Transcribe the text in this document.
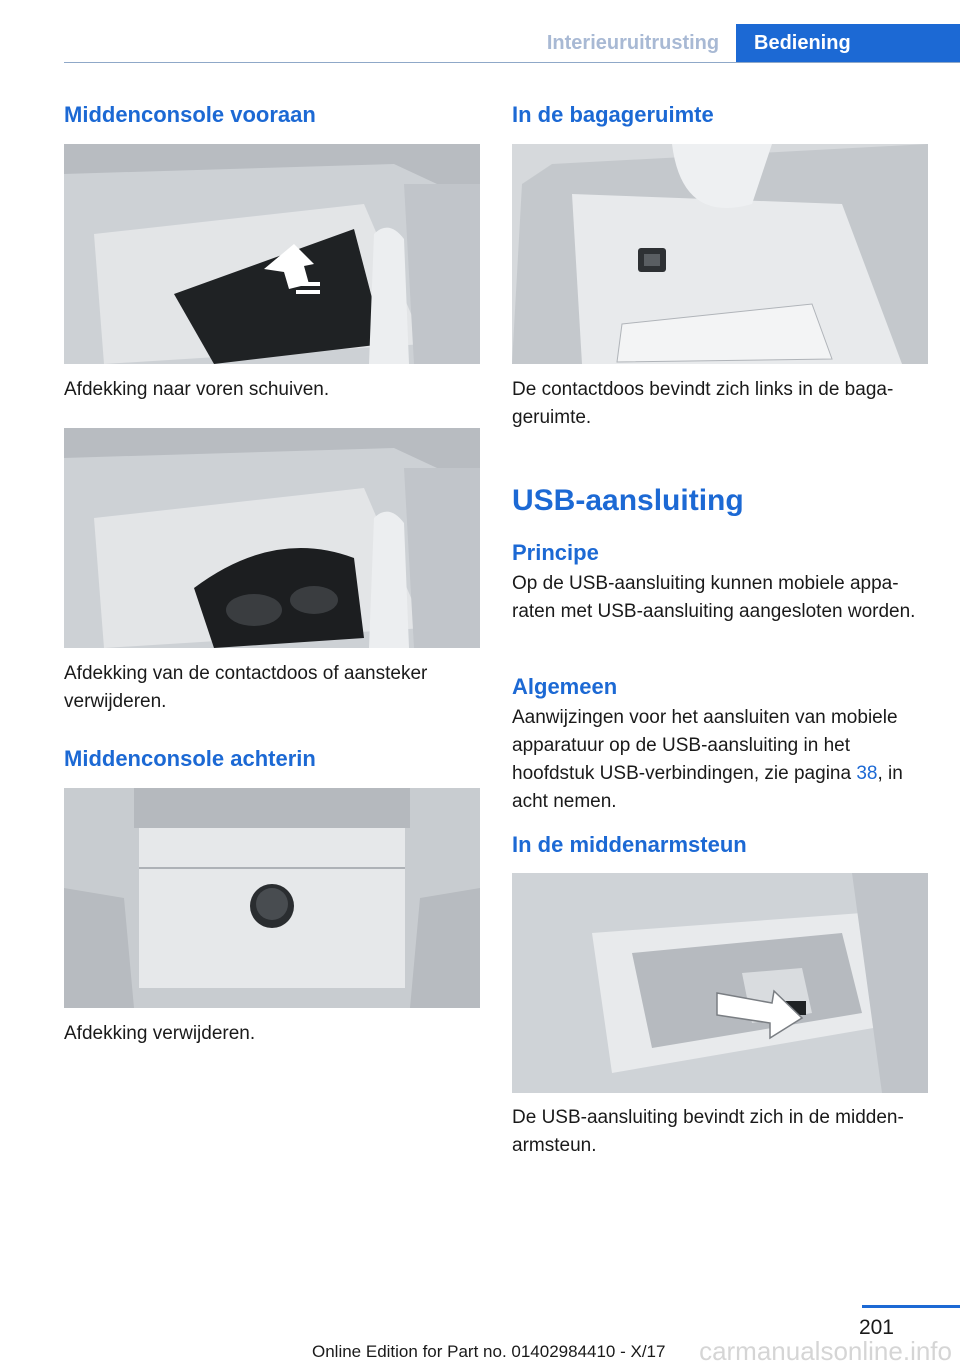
Interieuruitrusting	Bediening
Middenconsole vooraan
Afdekking naar voren schuiven.
Afdekking van de contactdoos of aansteker verwijderen.
Middenconsole achterin
Afdekking verwijderen.
In de bagageruimte
De contactdoos bevindt zich links in de bagageruimte.
USB-aansluiting
Principe
Op de USB-aansluiting kunnen mobiele apparaten met USB-aansluiting aangesloten worden.
Algemeen
Aanwijzingen voor het aansluiten van mobiele apparatuur op de USB-aansluiting in het hoofdstuk USB-verbindingen, zie pagina 38, in acht nemen.
In de middenarmsteun
De USB-aansluiting bevindt zich in de middenarmsteun.
201
Online Edition for Part no. 01402984410 - X/17 carmanualsonline.info
